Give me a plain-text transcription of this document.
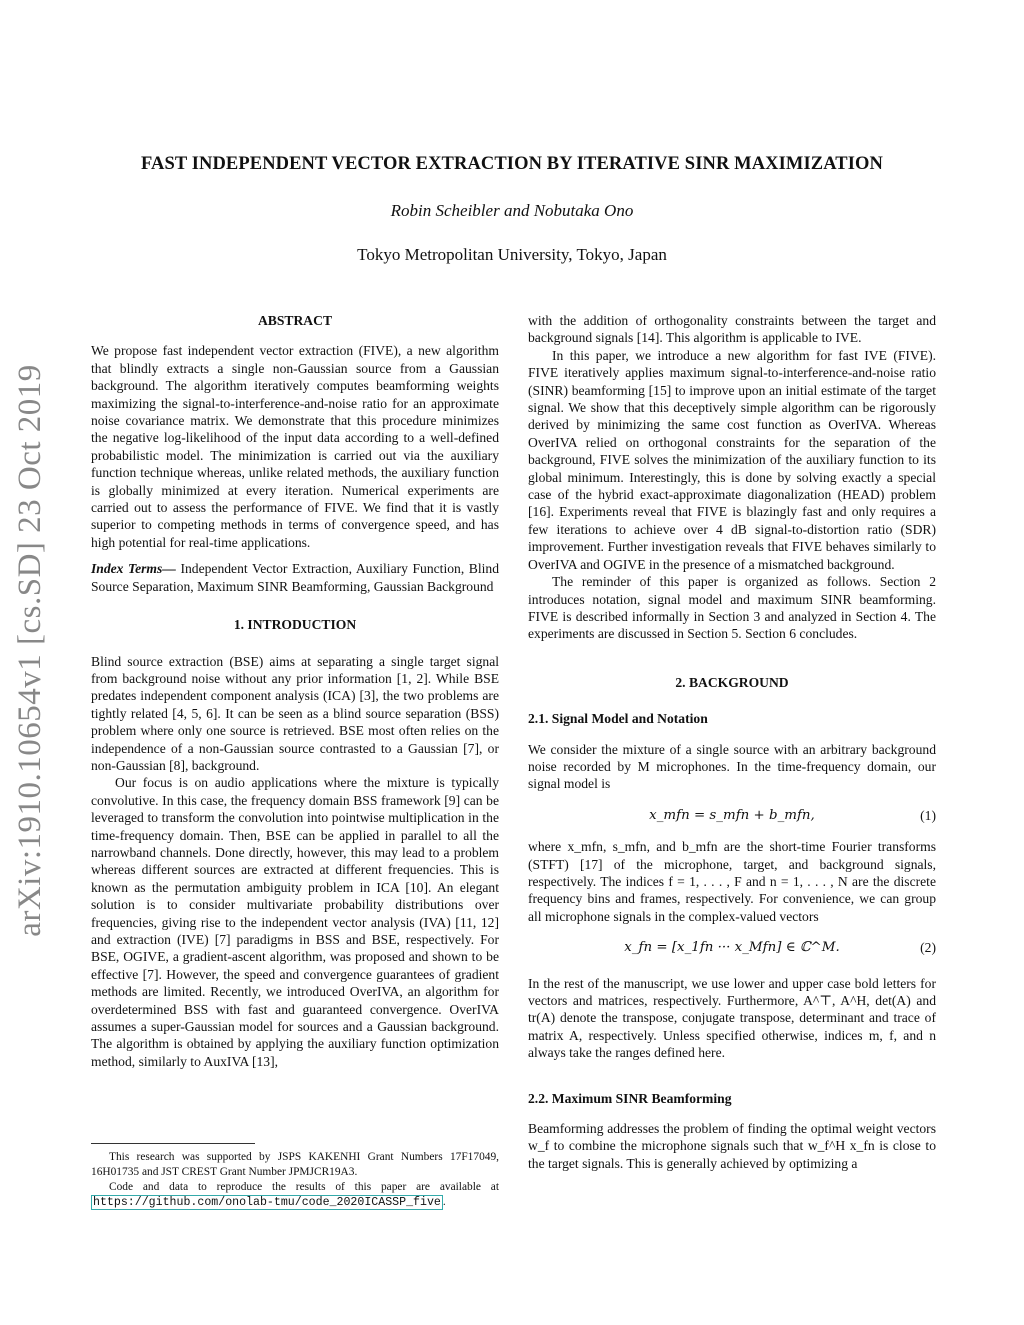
arXiv:1910.10654v1 [cs.SD] 23 Oct 2019
FAST INDEPENDENT VECTOR EXTRACTION BY ITERATIVE SINR MAXIMIZATION
Robin Scheibler and Nobutaka Ono
Tokyo Metropolitan University, Tokyo, Japan

ABSTRACT

We propose fast independent vector extraction (FIVE), a new algorithm that blindly extracts a single non-Gaussian source from a Gaussian background. The algorithm iteratively computes beamforming weights maximizing the signal-to-interference-and-noise ratio for an approximate noise covariance matrix. We demonstrate that this procedure minimizes the negative log-likelihood of the input data according to a well-defined probabilistic model. The minimization is carried out via the auxiliary function technique whereas, unlike related methods, the auxiliary function is globally minimized at every iteration. Numerical experiments are carried out to assess the performance of FIVE. We find that it is vastly superior to competing methods in terms of convergence speed, and has high potential for real-time applications.

Index Terms— Independent Vector Extraction, Auxiliary Function, Blind Source Separation, Maximum SINR Beamforming, Gaussian Background

1. INTRODUCTION

Blind source extraction (BSE) aims at separating a single target signal from background noise without any prior information [1, 2]. While BSE predates independent component analysis (ICA) [3], the two problems are tightly related [4, 5, 6]. It can be seen as a blind source separation (BSS) problem where only one source is retrieved. BSE most often relies on the independence of a non-Gaussian source contrasted to a Gaussian [7], or non-Gaussian [8], background.

Our focus is on audio applications where the mixture is typically convolutive. In this case, the frequency domain BSS framework [9] can be leveraged to transform the convolution into pointwise multiplication in the time-frequency domain. Then, BSE can be applied in parallel to all the narrowband channels. Done directly, however, this may lead to a problem whereas different sources are extracted at different frequencies. This is known as the permutation ambiguity problem in ICA [10]. An elegant solution is to consider multivariate probability distributions over frequencies, giving rise to the independent vector analysis (IVA) [11, 12] and extraction (IVE) [7] paradigms in BSS and BSE, respectively. For BSE, OGIVE, a gradient-ascent algorithm, was proposed and shown to be effective [7]. However, the speed and convergence guarantees of gradient methods are limited. Recently, we introduced OverIVA, an algorithm for overdetermined BSS with fast and guaranteed convergence. OverIVA assumes a super-Gaussian model for sources and a Gaussian background. The algorithm is obtained by applying the auxiliary function optimization method, similarly to AuxIVA [13],

This research was supported by JSPS KAKENHI Grant Numbers 17F17049, 16H01735 and JST CREST Grant Number JPMJCR19A3.

Code and data to reproduce the results of this paper are available at https://github.com/onolab-tmu/code_2020ICASSP_five .

with the addition of orthogonality constraints between the target and background signals [14]. This algorithm is applicable to IVE.

In this paper, we introduce a new algorithm for fast IVE (FIVE). FIVE iteratively applies maximum signal-to-interference-and-noise ratio (SINR) beamforming [15] to improve upon an initial estimate of the target signal. We show that this deceptively simple algorithm can be rigorously derived by minimizing the same cost function as OverIVA. Whereas OverIVA relied on orthogonal constraints for the separation of the background, FIVE solves the minimization of the auxiliary function to its global minimum. Interestingly, this is done by solving exactly a special case of the hybrid exact-approximate diagonalization (HEAD) problem [16]. Experiments reveal that FIVE is blazingly fast and only requires a few iterations to achieve over 4 dB signal-to-distortion ratio (SDR) improvement. Further investigation reveals that FIVE behaves similarly to OverIVA and OGIVE in the presence of a mismatched background.

The reminder of this paper is organized as follows. Section 2 introduces notation, signal model and maximum SINR beamforming. FIVE is described informally in Section 3 and analyzed in Section 4. The experiments are discussed in Section 5. Section 6 concludes.

2. BACKGROUND

2.1. Signal Model and Notation

We consider the mixture of a single source with an arbitrary background noise recorded by M microphones. In the time-frequency domain, our signal model is

x_mfn = s_mfn + b_mfn,	(1)

where x_mfn, s_mfn, and b_mfn are the short-time Fourier transforms (STFT) [17] of the microphone, target, and background signals, respectively. The indices f = 1, . . . , F and n = 1, . . . , N are the discrete frequency bins and frames, respectively. For convenience, we can group all microphone signals in the complex-valued vectors

x_fn = [x_1fn ··· x_Mfn] ∈ ℂ^M.	(2)

In the rest of the manuscript, we use lower and upper case bold letters for vectors and matrices, respectively. Furthermore, A^⊤, A^H, det(A) and tr(A) denote the transpose, conjugate transpose, determinant and trace of matrix A, respectively. Unless specified otherwise, indices m, f, and n always take the ranges defined here.

2.2. Maximum SINR Beamforming

Beamforming addresses the problem of finding the optimal weight vectors w_f to combine the microphone signals such that w_f^H x_fn is close to the target signals. This is generally achieved by optimizing a
